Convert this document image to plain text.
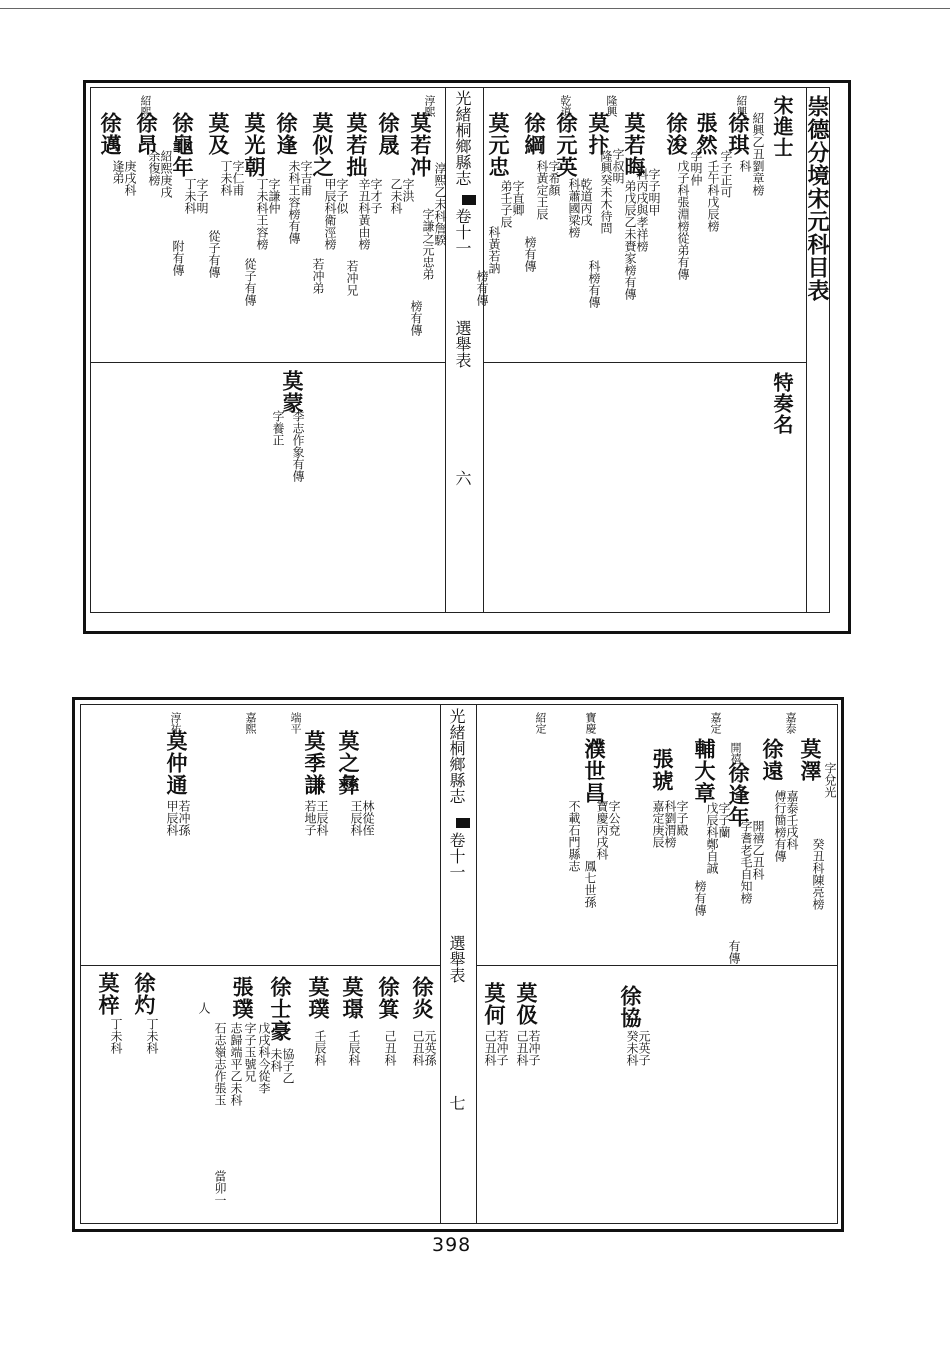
崇德分境宋元科目表
宋進士
特奏名
光緒桐鄉縣志
卷十一
選舉表
六
紹興
隆興
乾道
淳熙
紹熙
徐琪 紹興乙丑劉章榜
科
張然
字子正可
壬午科戊辰榜
徐浚
字明仲
戊子科張淵榜從弟有傳
莫若晦
字子明甲
科丙戌與孝祥榜
弟戊辰乙未賚家榜有傳
莫抃
字叔明
隆興癸未木待問
科榜有傳
徐元英
乾道丙戌
科蕭國梁榜
徐綱
字希顏
科黃定王辰
榜有傳
莫元忠
字直卿
弟壬子辰
科黃若訥
榜有傳
莫若冲
淳熙乙未科詹騤
字謙之元忠弟
榜有傳
徐晟
字洪
乙未科
莫若拙
字才子
辛丑科黃由榜
若冲兄
莫似之
字子似
甲辰科衛涇榜
若冲弟
徐逢
字吉甫
未科王容榜有傳
莫光朝
字謙仲
丁未科王容榜
從子有傳
莫及
字仁甫
丁未科
從子有傳
徐龜年
字子明
丁未科
附有傳
徐昂
紹熙庚戌
余復榜
徐邁
庚戌科
逢弟
莫蒙
字養正 李志作象有傳
光緒桐鄉縣志
卷十一
選舉表
七
嘉泰
嘉定
開禧
寶慶
紹定
端平
嘉熙
淳祐
莫澤 字兌光
癸丑科陳亮榜
徐遠
嘉泰壬戌科
傅行簡榜有傳
徐逢年
開禧乙丑科
字耆老毛自知榜
有傳
輔大章
字子蘭
戊辰科鄭自誠
榜有傳
張琥
字子殿
科劉渭榜
嘉定庚辰
濮世昌
字公兗
寶慶丙戌科
鳳七世孫
不載石門縣志
莫之彝
林從侄
王辰科
莫季謙
王辰科
若地子
莫仲通
若冲孫
甲辰科
徐協
元英子
癸未科
莫伋
若冲子
己丑科
莫何
若冲子
己丑科
徐炎
元英孫
己丑科
徐箕
己丑科
莫璟
壬辰科
莫璞
壬辰科
徐士豪
協子乙
未科
張璞
字子玉號兄
志歸端平乙未科
石志嶺志作張玉
人
戊戌科今從李
當卯一
徐灼
丁未科
莫梓
丁未科
398
